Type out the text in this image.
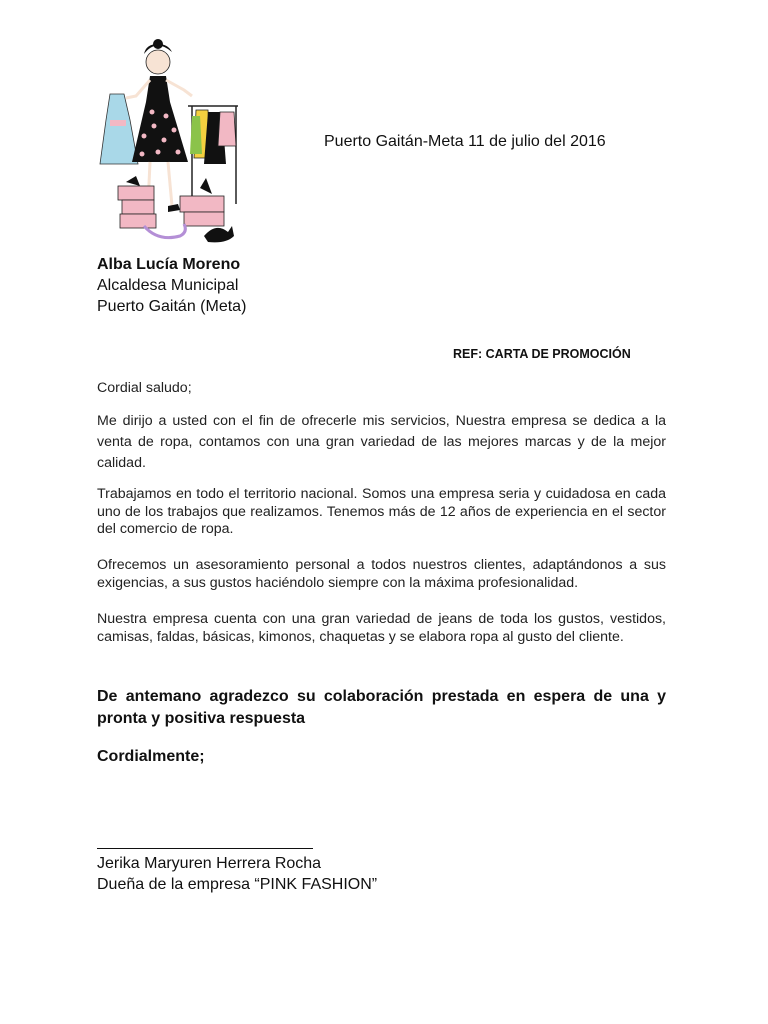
Puerto Gaitán-Meta 11 de julio del 2016
Alba Lucía Moreno
Alcaldesa Municipal
Puerto Gaitán (Meta)
REF: CARTA DE PROMOCIÓN
Cordial saludo;
Me dirijo a usted con el fin de ofrecerle mis servicios, Nuestra empresa se dedica a la venta de ropa, contamos con una gran variedad de las mejores marcas y de la mejor calidad.
Trabajamos en todo el territorio nacional. Somos una empresa seria y cuidadosa en cada uno de los trabajos que realizamos. Tenemos más de 12 años de experiencia en el sector del comercio de ropa.
Ofrecemos un asesoramiento personal a todos nuestros clientes, adaptándonos a sus exigencias, a sus gustos haciéndolo siempre con la máxima profesionalidad.
Nuestra empresa cuenta con una gran variedad de jeans de toda los gustos, vestidos, camisas, faldas, básicas, kimonos, chaquetas y se elabora ropa al gusto del cliente.
De antemano agradezco su colaboración prestada en espera de una y pronta y positiva respuesta
Cordialmente;
Jerika Maryuren Herrera Rocha
Dueña de la empresa “PINK FASHION”
